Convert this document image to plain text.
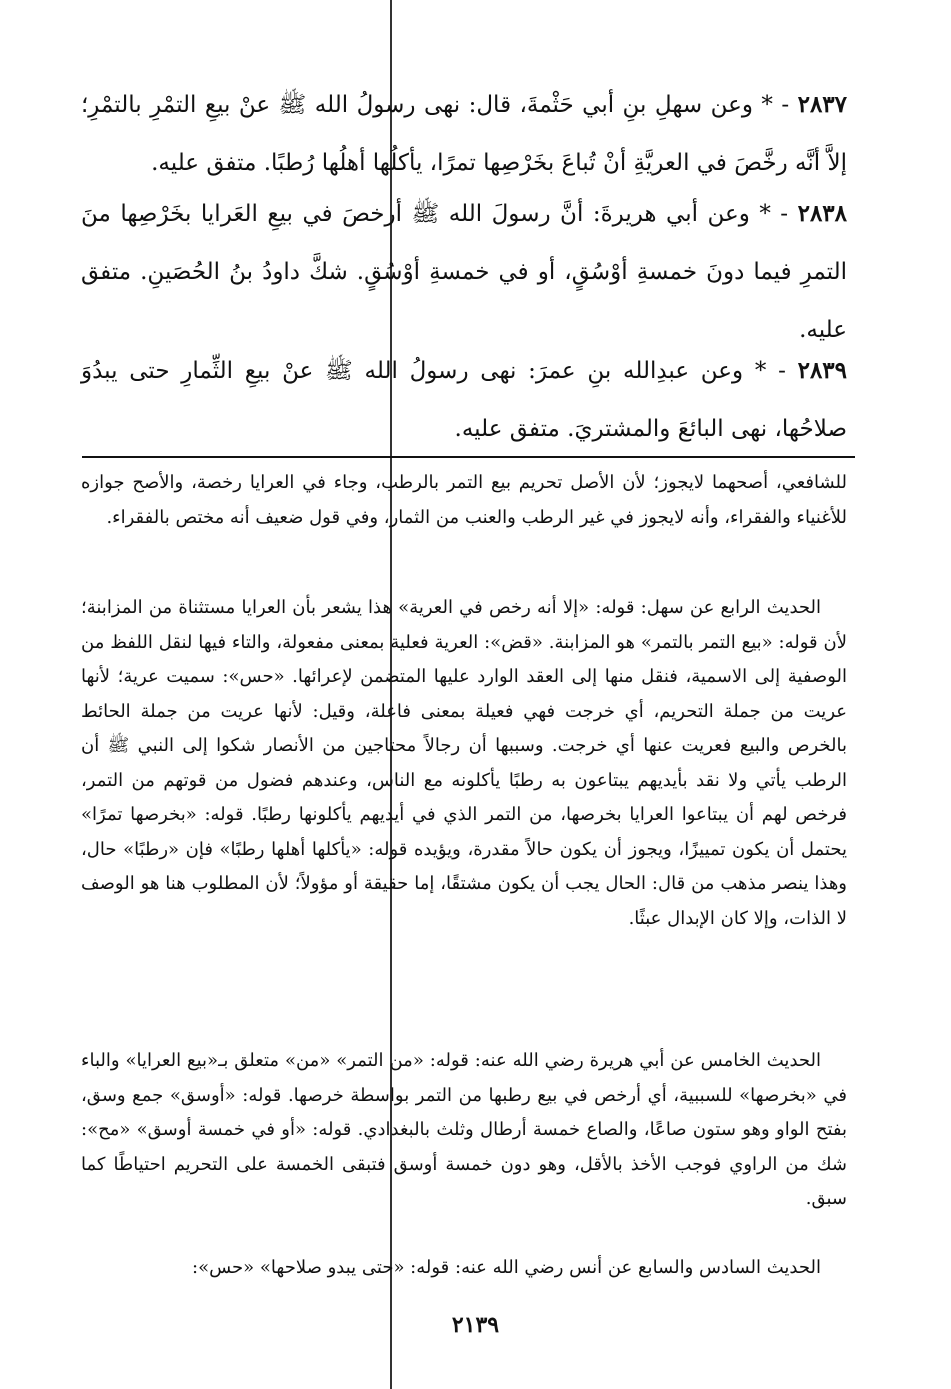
٢٨٣٧ - * وعن سهلِ بنِ أبي حَثْمةَ، قال: نهى رسولُ الله ﷺ عنْ بيعِ التمْرِ بالتمْرِ؛ إلاَّ أنَّه رخَّصَ في العريَّةِ أنْ تُباعَ بخَرْصِها تمرًا، يأكلُها أهلُها رُطبًا. متفق عليه.
٢٨٣٨ - * وعن أبي هريرةَ: أنَّ رسولَ الله ﷺ أرخصَ في بيعِ العَرايا بخَرْصِها منَ التمرِ فيما دونَ خمسةِ أوْسُقٍ، أو في خمسةِ أوْسُقٍ. شكَّ داودُ بنُ الحُصَينِ. متفق عليه.
٢٨٣٩ - * وعن عبدِالله بنِ عمرَ: نهى رسولُ الله ﷺ عنْ بيعِ الثِّمارِ حتى يبدُوَ صلاحُها، نهى البائعَ والمشتريَ. متفق عليه.
للشافعي، أصحهما لايجوز؛ لأن الأصل تحريم بيع التمر بالرطب، وجاء في العرايا رخصة، والأصح جوازه للأغنياء والفقراء، وأنه لايجوز في غير الرطب والعنب من الثمار، وفي قول ضعيف أنه مختص بالفقراء.
الحديث الرابع عن سهل: قوله: «إلا أنه رخص في العرية» هذا يشعر بأن العرايا مستثناة من المزابنة؛ لأن قوله: «بيع التمر بالتمر» هو المزابنة. «قض»: العرية فعلية بمعنى مفعولة، والتاء فيها لنقل اللفظ من الوصفية إلى الاسمية، فنقل منها إلى العقد الوارد عليها المتضمن لإعرائها. «حس»: سميت عرية؛ لأنها عريت من جملة التحريم، أي خرجت فهي فعيلة بمعنى فاعلة، وقيل: لأنها عريت من جملة الحائط بالخرص والبيع فعريت عنها أي خرجت. وسببها أن رجالاً محتاجين من الأنصار شكوا إلى النبي ﷺ أن الرطب يأتي ولا نقد بأيديهم يبتاعون به رطبًا يأكلونه مع الناس، وعندهم فضول من قوتهم من التمر، فرخص لهم أن يبتاعوا العرايا بخرصها، من التمر الذي في أيديهم يأكلونها رطبًا. قوله: «بخرصها تمرًا» يحتمل أن يكون تمييزًا، ويجوز أن يكون حالاً مقدرة، ويؤيده قوله: «يأكلها أهلها رطبًا» فإن «رطبًا» حال، وهذا ينصر مذهب من قال: الحال يجب أن يكون مشتقًا، إما حقيقة أو مؤولاً؛ لأن المطلوب هنا هو الوصف لا الذات، وإلا كان الإبدال عبثًا.
الحديث الخامس عن أبي هريرة رضي الله عنه: قوله: «من التمر» «من» متعلق بـ«بيع العرايا» والباء في «بخرصها» للسببية، أي أرخص في بيع رطبها من التمر بواسطة خرصها. قوله: «أوسق» جمع وسق، بفتح الواو وهو ستون صاعًا، والصاع خمسة أرطال وثلث بالبغدادي. قوله: «أو في خمسة أوسق» «مح»: شك من الراوي فوجب الأخذ بالأقل، وهو دون خمسة أوسق فتبقى الخمسة على التحريم احتياطًا كما سبق.
الحديث السادس والسابع عن أنس رضي الله عنه: قوله: «حتى يبدو صلاحها» «حس»:
٢١٣٩
